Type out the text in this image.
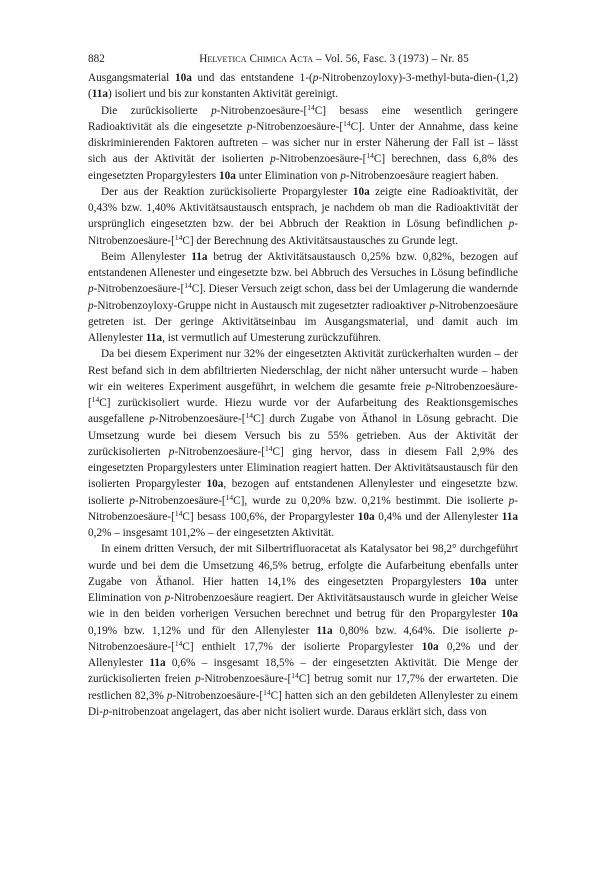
882	Helvetica Chimica Acta – Vol. 56, Fasc. 3 (1973) – Nr. 85

Ausgangsmaterial 10a und das entstandene 1-(p-Nitrobenzoyloxy)-3-methyl-buta-dien-(1,2) (11a) isoliert und bis zur konstanten Aktivität gereinigt.

Die zurückisolierte p-Nitrobenzoesäure-[$^{14}$C] besass eine wesentlich geringere Radioaktivität als die eingesetzte p-Nitrobenzoesäure-[$^{14}$C]. Unter der Annahme, dass keine diskriminierenden Faktoren auftreten – was sicher nur in erster Näherung der Fall ist – lässt sich aus der Aktivität der isolierten p-Nitrobenzoesäure-[$^{14}$C] berechnen, dass 6,8% des eingesetzten Propargylesters 10a unter Elimination von p-Nitrobenzoesäure reagiert haben.

Der aus der Reaktion zurückisolierte Propargylester 10a zeigte eine Radioaktivität, der 0,43% bzw. 1,40% Aktivitätsaustausch entsprach, je nachdem ob man die Radioaktivität der ursprünglich eingesetzten bzw. der bei Abbruch der Reaktion in Lösung befindlichen p-Nitrobenzoesäure-[$^{14}$C] der Berechnung des Aktivitätsaustausches zu Grunde legt.

Beim Allenylester 11a betrug der Aktivitätsaustausch 0,25% bzw. 0,82%, bezogen auf entstandenen Allenester und eingesetzte bzw. bei Abbruch des Versuches in Lösung befindliche p-Nitrobenzoesäure-[$^{14}$C]. Dieser Versuch zeigt schon, dass bei der Umlagerung die wandernde p-Nitrobenzoyloxy-Gruppe nicht in Austausch mit zugesetzter radioaktiver p-Nitrobenzoesäure getreten ist. Der geringe Aktivitätseinbau im Ausgangsmaterial, und damit auch im Allenylester 11a, ist vermutlich auf Umesterung zurückzuführen.

Da bei diesem Experiment nur 32% der eingesetzten Aktivität zurückerhalten wurden – der Rest befand sich in dem abfiltrierten Niederschlag, der nicht näher untersucht wurde – haben wir ein weiteres Experiment ausgeführt, in welchem die gesamte freie p-Nitrobenzoesäure-[$^{14}$C] zurückisoliert wurde. Hiezu wurde vor der Aufarbeitung des Reaktionsgemisches ausgefallene p-Nitrobenzoesäure-[$^{14}$C] durch Zugabe von Äthanol in Lösung gebracht. Die Umsetzung wurde bei diesem Versuch bis zu 55% getrieben. Aus der Aktivität der zurückisolierten p-Nitrobenzoesäure-[$^{14}$C] ging hervor, dass in diesem Fall 2,9% des eingesetzten Propargylesters unter Elimination reagiert hatten. Der Aktivitätsaustausch für den isolierten Propargylester 10a, bezogen auf entstandenen Allenylester und eingesetzte bzw. isolierte p-Nitrobenzoesäure-[$^{14}$C], wurde zu 0,20% bzw. 0,21% bestimmt. Die isolierte p-Nitrobenzoesäure-[$^{14}$C] besass 100,6%, der Propargylester 10a 0,4% und der Allenylester 11a 0,2% – insgesamt 101,2% – der eingesetzten Aktivität.

In einem dritten Versuch, der mit Silbertrifluoracetat als Katalysator bei 98,2° durchgeführt wurde und bei dem die Umsetzung 46,5% betrug, erfolgte die Aufarbeitung ebenfalls unter Zugabe von Äthanol. Hier hatten 14,1% des eingesetzten Propargylesters 10a unter Elimination von p-Nitrobenzoesäure reagiert. Der Aktivitätsaustausch wurde in gleicher Weise wie in den beiden vorherigen Versuchen berechnet und betrug für den Propargylester 10a 0,19% bzw. 1,12% und für den Allenylester 11a 0,80% bzw. 4,64%. Die isolierte p-Nitrobenzoesäure-[$^{14}$C] enthielt 17,7% der isolierte Propargylester 10a 0,2% und der Allenylester 11a 0,6% – insgesamt 18,5% – der eingesetzten Aktivität. Die Menge der zurückisolierten freien p-Nitrobenzoesäure-[$^{14}$C] betrug somit nur 17,7% der erwarteten. Die restlichen 82,3% p-Nitrobenzoesäure-[$^{14}$C] hatten sich an den gebildeten Allenylester zu einem Di-p-nitrobenzoat angelagert, das aber nicht isoliert wurde. Daraus erklärt sich, dass von
